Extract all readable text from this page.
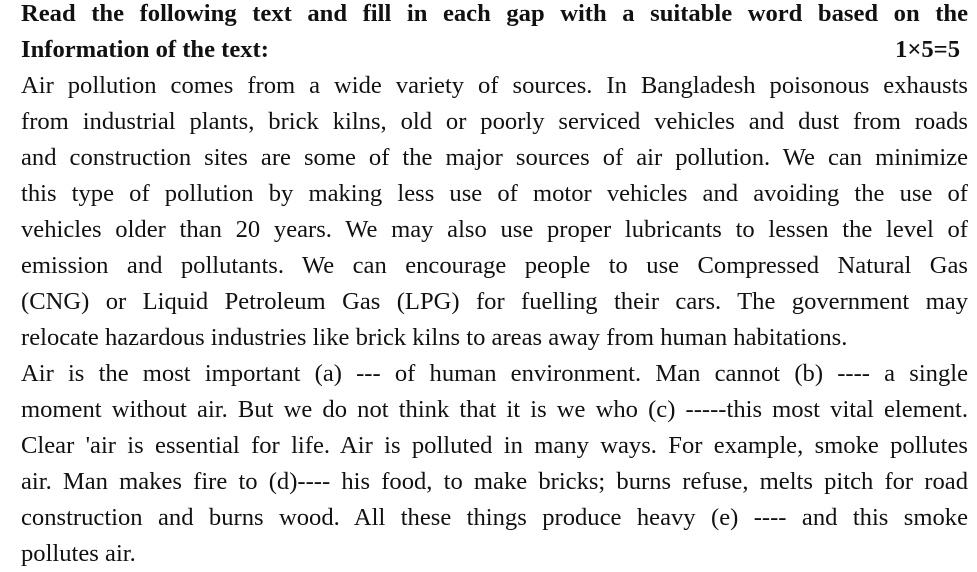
Read the following text and fill in each gap with a suitable word based on the
Information of the text:	1×5=5
Air pollution comes from a wide variety of sources. In Bangladesh poisonous exhausts
from industrial plants, brick kilns, old or poorly serviced vehicles and dust from roads
and construction sites are some of the major sources of air pollution. We can minimize
this type of pollution by making less use of motor vehicles and avoiding the use of
vehicles older than 20 years. We may also use proper lubricants to lessen the level of
emission and pollutants. We can encourage people to use Compressed Natural Gas
(CNG) or Liquid Petroleum Gas (LPG) for fuelling their cars. The government may
relocate hazardous industries like brick kilns to areas away from human habitations.
Air is the most important (a) --- of human environment. Man cannot (b) ---- a single
moment without air. But we do not think that it is we who (c) -----this most vital element.
Clear 'air is essential for life. Air is polluted in many ways. For example, smoke pollutes
air. Man makes fire to (d)---- his food, to make bricks; burns refuse, melts pitch for road
construction and burns wood. All these things produce heavy (e) ---- and this smoke
pollutes air.
